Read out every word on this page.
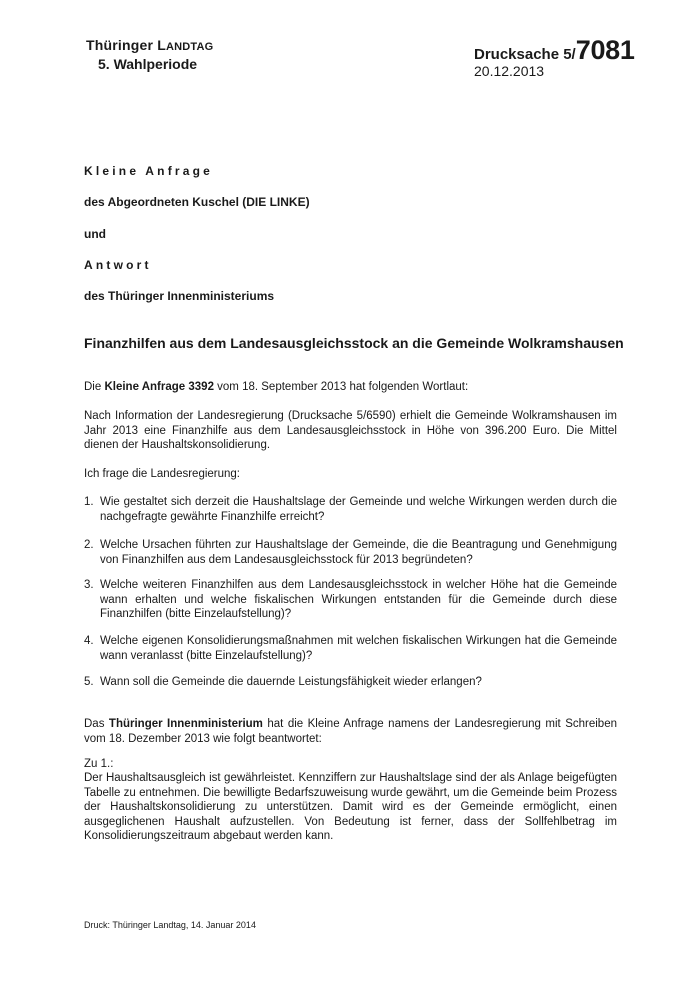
Thüringer LANDTAG
5. Wahlperiode
Drucksache 5/7081
20.12.2013
Kleine Anfrage
des Abgeordneten Kuschel (DIE LINKE)
und
Antwort
des Thüringer Innenministeriums
Finanzhilfen aus dem Landesausgleichsstock an die Gemeinde Wolkramshausen
Die Kleine Anfrage 3392 vom 18. September 2013 hat folgenden Wortlaut:
Nach Information der Landesregierung (Drucksache 5/6590) erhielt die Gemeinde Wolkramshausen im Jahr 2013 eine Finanzhilfe aus dem Landesausgleichsstock in Höhe von 396.200 Euro. Die Mittel dienen der Haushaltskonsolidierung.
Ich frage die Landesregierung:
1. Wie gestaltet sich derzeit die Haushaltslage der Gemeinde und welche Wirkungen werden durch die nachgefragte gewährte Finanzhilfe erreicht?
2. Welche Ursachen führten zur Haushaltslage der Gemeinde, die die Beantragung und Genehmigung von Finanzhilfen aus dem Landesausgleichsstock für 2013 begründeten?
3. Welche weiteren Finanzhilfen aus dem Landesausgleichsstock in welcher Höhe hat die Gemeinde wann erhalten und welche fiskalischen Wirkungen entstanden für die Gemeinde durch diese Finanzhilfen (bitte Einzelaufstellung)?
4. Welche eigenen Konsolidierungsmaßnahmen mit welchen fiskalischen Wirkungen hat die Gemeinde wann veranlasst (bitte Einzelaufstellung)?
5. Wann soll die Gemeinde die dauernde Leistungsfähigkeit wieder erlangen?
Das Thüringer Innenministerium hat die Kleine Anfrage namens der Landesregierung mit Schreiben vom 18. Dezember 2013 wie folgt beantwortet:
Zu 1.:
Der Haushaltsausgleich ist gewährleistet. Kennziffern zur Haushaltslage sind der als Anlage beigefügten Tabelle zu entnehmen. Die bewilligte Bedarfszuweisung wurde gewährt, um die Gemeinde beim Prozess der Haushaltskonsolidierung zu unterstützen. Damit wird es der Gemeinde ermöglicht, einen ausgeglichenen Haushalt aufzustellen. Von Bedeutung ist ferner, dass der Sollfehlbetrag im Konsolidierungszeitraum abgebaut werden kann.
Druck: Thüringer Landtag, 14. Januar 2014
